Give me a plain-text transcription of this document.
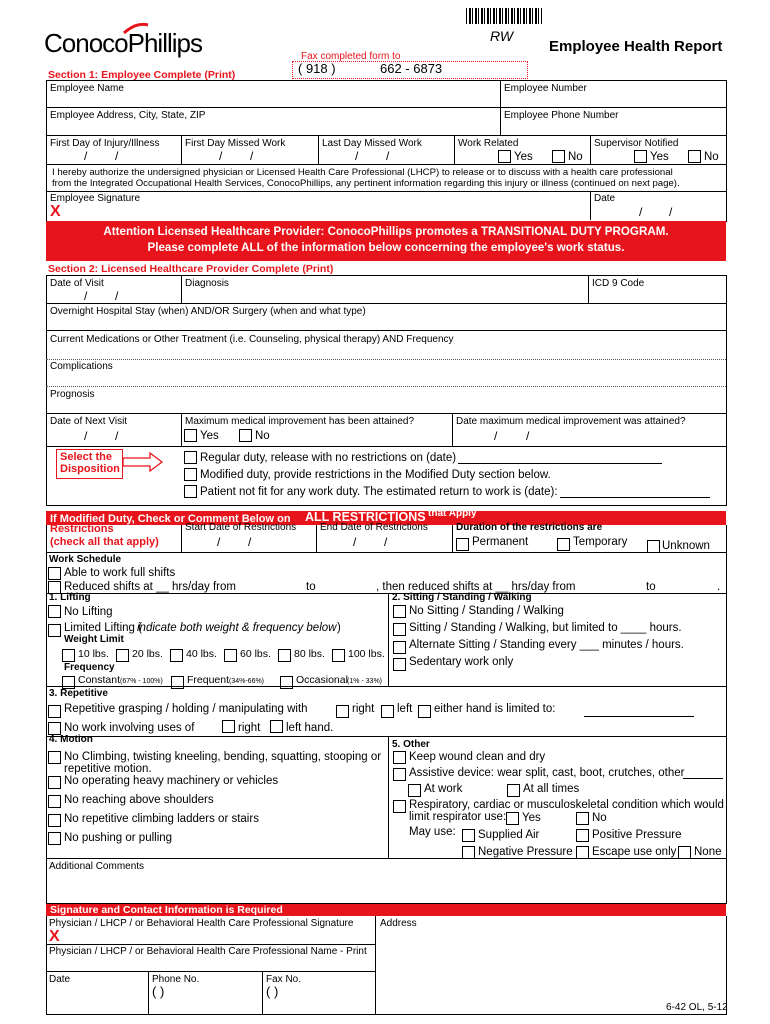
ConocoPhillips	RW
Employee Health Report
Fax completed form to
( 918 )	662 - 6873
Section 1: Employee Complete (Print)
Employee Name	Employee Number
Employee Address, City, State, ZIP	Employee Phone Number
First Day of Injury/Illness	First Day Missed Work	Last Day Missed Work	Work Related	Supervisor Notified
/ /	/ /	/ /	Yes	No	Yes	No
I hereby authorize the undersigned physician or Licensed Health Care Professional (LHCP) to release or to discuss with a health care professional
from the Integrated Occupational Health Services, ConocoPhillips, any pertinent information regarding this injury or illness (continued on next page).
Employee Signature
X
Date
/ /
Attention Licensed Healthcare Provider: ConocoPhillips promotes a TRANSITIONAL DUTY PROGRAM.
Please complete ALL of the information below concerning the employee's work status.
Section 2: Licensed Healthcare Provider Complete (Print)
Date of Visit
/ /
Diagnosis	ICD 9 Code
Overnight Hospital Stay (when) AND/OR Surgery (when and what type)
Current Medications or Other Treatment (i.e. Counseling, physical therapy) AND Frequency
Complications
Prognosis
Date of Next Visit
/ /
Maximum medical improvement has been attained?
Yes	No
Date maximum medical improvement was attained?
/ /
Select the
Disposition
Regular duty, release with no restrictions on (date)
Modified duty, provide restrictions in the Modified Duty section below.
Patient not fit for any work duty. The estimated return to work is (date):
If Modified Duty, Check or Comment Below on ALL RESTRICTIONS that Apply
Restrictions
(check all that apply)
Start Date of Restrictions
/ /
End Date of Restrictions
/ /
Duration of the restrictions are
Permanent	Temporary	Unknown
Work Schedule
Able to work full shifts
Reduced shifts at __ hrs/day from	to	, then reduced shifts at __ hrs/day from	to	.
1. Lifting
No Lifting
Limited Lifting (
indicate both weight & frequency below )
Weight Limit
10 lbs. 20 lbs. 40 lbs. 60 lbs. 80 lbs. 100 lbs.
Frequency
Constant (67% - 100%) Frequent (34%-66%)	Occasional (1% - 33%)
2. Sitting / Standing / Walking
No Sitting / Standing / Walking
Sitting / Standing / Walking, but limited to ____ hours.
Alternate Sitting / Standing every ___ minutes / hours.
Sedentary work only
3. Repetitive
Repetitive grasping / holding / manipulating with	right left either hand is limited to:
No work involving uses of	right left hand.
4. Motion
No Climbing, twisting kneeling, bending, squatting, stooping or
repetitive motion.
No operating heavy machinery or vehicles
No reaching above shoulders
No repetitive climbing ladders or stairs
No pushing or pulling
5. Other
Keep wound clean and dry
Assistive device: wear split, cast, boot, crutches, other
At work	At all times
Respiratory, cardiac or musculoskeletal condition which would
limit respirator use: Yes	No
May use: Supplied Air	Positive Pressure
Negative Pressure Escape use only None
Additional Comments
Signature and Contact Information is Required
Physician / LHCP / or Behavioral Health Care Professional Signature
X
Address
Physician / LHCP / or Behavioral Health Care Professional Name - Print
Date	Phone No.
( )
Fax No.
( )
6-42 OL, 5-12
